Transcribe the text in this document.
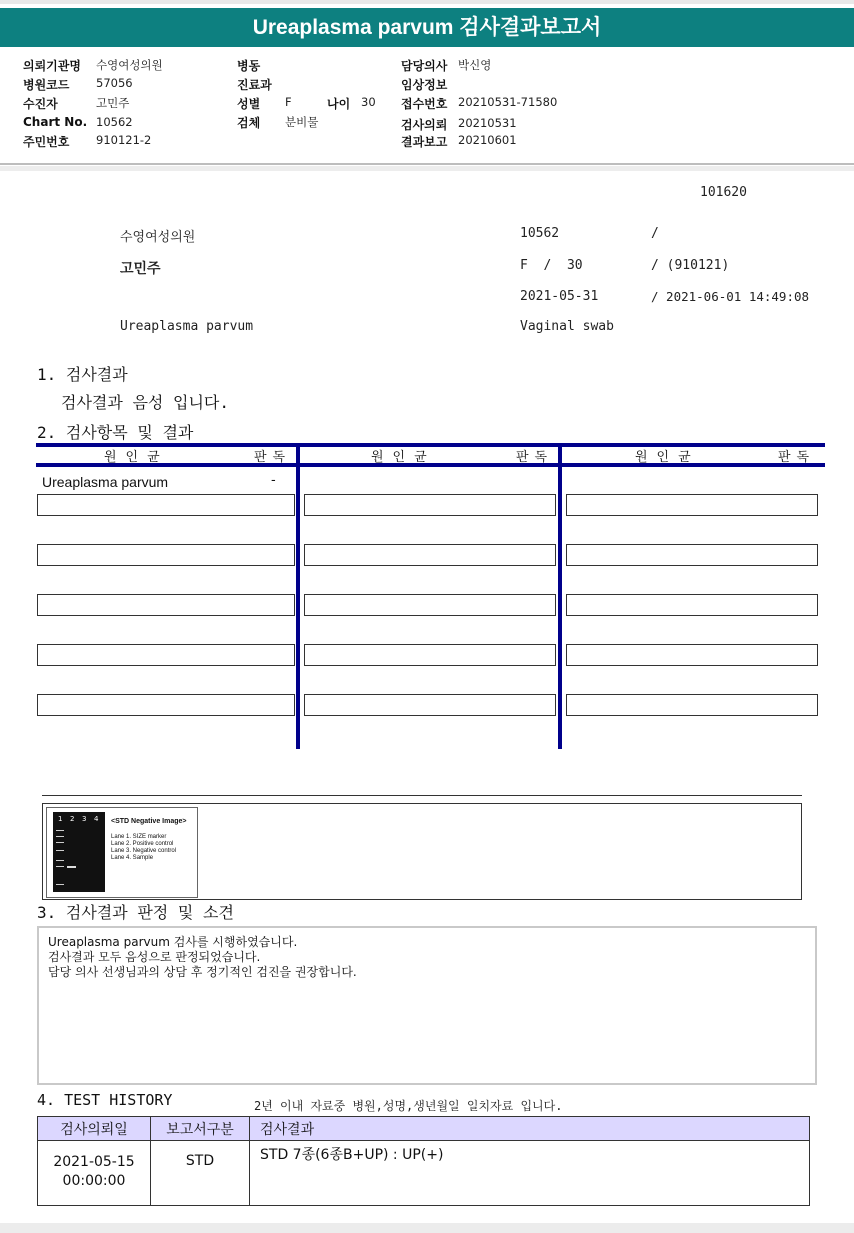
Ureaplasma parvum 검사결과보고서
의뢰기관명 수영여성의원
병원코드 57056
수진자	고민주
Chart No. 10562
주민번호 910121-2
병동
진료과
성별 F	나이 30
검체 분비물
담당의사 박신영
임상정보
접수번호 20210531-71580
검사의뢰 20210531
결과보고 20210601
101620
수영여성의원	10562	/
고민주	F  /  30	/ (910121)
2021-05-31	/ 2021-06-01 14:49:08
Ureaplasma parvum	Vaginal swab
1. 검사결과
검사결과 음성 입니다.
2. 검사항목 및 결과
원인균	판독	원인균	판독	원인균	판독
Ureaplasma parvum	-
1 2 3 4 <STD Negative Image>
Lane 1. SIZE marker
Lane 2. Positive control
Lane 3. Negative control
Lane 4. Sample
3. 검사결과 판정 및 소견
Ureaplasma parvum 검사를 시행하였습니다.
검사결과 모두 음성으로 판정되었습니다.
담당 의사 선생님과의 상담 후 정기적인 검진을 권장합니다.
4. TEST HISTORY	2년 이내 자료중 병원,성명,생년월일 일치자료 입니다.
검사의뢰일	보고서구분	검사결과

2021-05-15
00:00:00	STD	STD 7종(6종B+UP) : UP(+)
